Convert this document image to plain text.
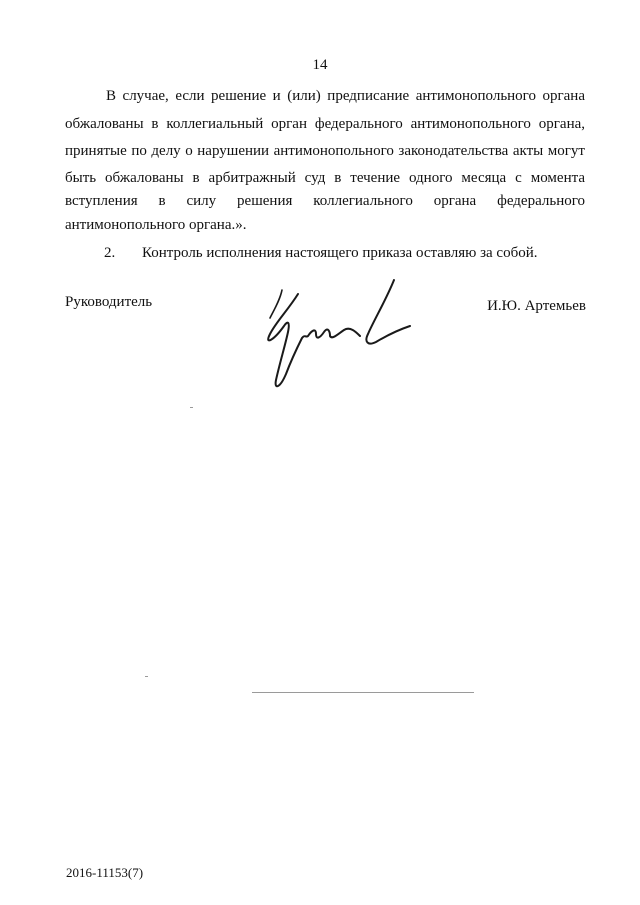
14
В случае, если решение и (или) предписание антимонопольного органа
обжалованы в коллегиальный орган федерального антимонопольного органа,
принятые по делу о нарушении антимонопольного законодательства акты могут
быть обжалованы в арбитражный суд в течение одного месяца с момента
вступления в силу решения коллегиального органа федерального
антимонопольного органа.».
2. Контроль исполнения настоящего приказа оставляю за собой.
Руководитель	И.Ю. Артемьев
2016-11153(7)
